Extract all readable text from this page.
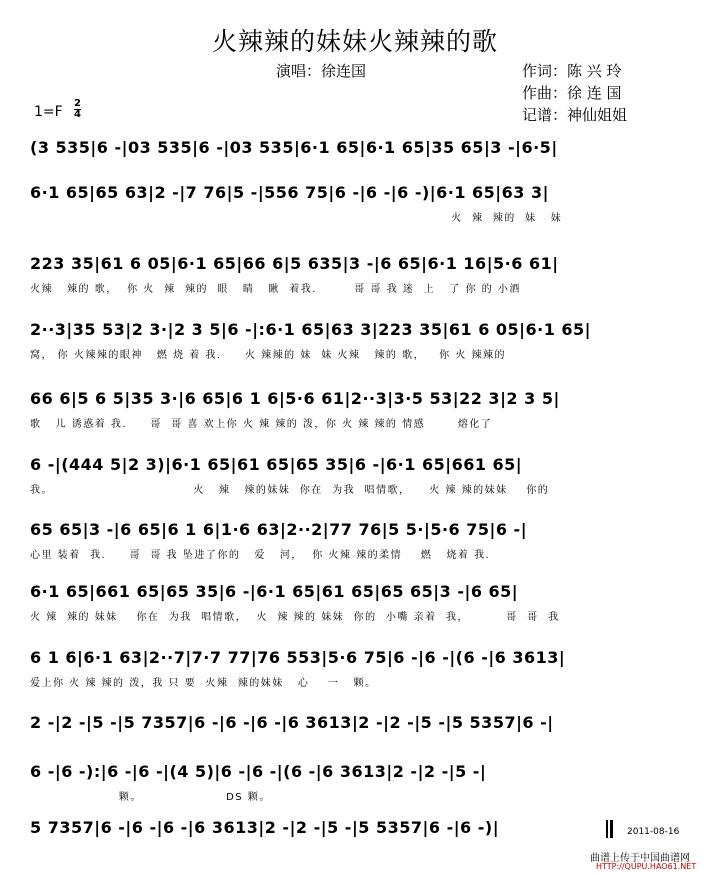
火辣辣的妹妹火辣辣的歌
演唱：徐连国	作词：陈 兴 玲
作曲：徐 连 国
记谱：神仙姐姐
1=F
2
4
(3 535|6 -|03 535|6 -|03 535|6·1 65|6·1 65|35 65|3 -|6·5|
6·1 65|65 63|2 -|7 76|5 -|556 75|6 -|6 -|6 -)|6·1 65|63 3|
火  辣  辣的  妹   妹
223 35|61 6 05|6·1 65|66 6|5 635|3 -|6 65|6·1 16|5·6 61|
火辣   辣的 歌，  你 火  辣  辣的  眼   睛   瞅  着我.        哥 哥 我 迷  上   了 你 的 小酒
2··3|35 53|2 3·|2 3 5|6 -|:6·1 65|63 3|223 35|61 6 05|6·1 65|
窝， 你 火辣辣的眼神   燃 烧 着 我.     火 辣辣的 妹  妹 火辣   辣的 歌，   你 火 辣辣的
66 6|5 6 5|35 3·|6 65|6 1 6|5·6 61|2··3|3·5 53|22 3|2 3 5|
歌   儿 诱惑着 我.     哥  哥 喜 欢上你 火 辣 辣的 泼，你 火 辣 辣的 情感       熔化了
6 -|(444 5|2 3)|6·1 65|61 65|65 35|6 -|6·1 65|661 65|
我。                              火   辣   辣的妹妹  你在  为我  唱情歌，    火 辣 辣的妹妹    你的
65 65|3 -|6 65|6 1 6|1·6 63|2··2|77 76|5 5·|5·6 75|6 -|
心里 装着  我.     哥  哥 我 坠进了你的   爱   河，  你 火辣 辣的柔情    燃   烧着 我.
6·1 65|661 65|65 35|6 -|6·1 65|61 65|65 65|3 -|6 65|
火 辣  辣的 妹妹    你在  为我  唱情歌，  火  辣 辣的 妹妹  你的  小嘴 亲着  我，        哥  哥  我
6 1 6|6·1 63|2··7|7·7 77|76 553|5·6 75|6 -|6 -|(6 -|6 3613|
爱上你 火 辣 辣的 泼，我 只 要  火辣  辣的妹妹   心    一   颗。
2 -|2 -|5 -|5 7357|6 -|6 -|6 -|6 3613|2 -|2 -|5 -|5 5357|6 -|
6 -|6 -):|6 -|6 -|(4 5)|6 -|6 -|(6 -|6 3613|2 -|2 -|5 -|
颗。                  DS 颗。
5 7357|6 -|6 -|6 -|6 3613|2 -|2 -|5 -|5 5357|6 -|6 -)|	2011-08-16
曲谱上传于中国曲谱网
HTTP://QUPU.HAO61.NET
